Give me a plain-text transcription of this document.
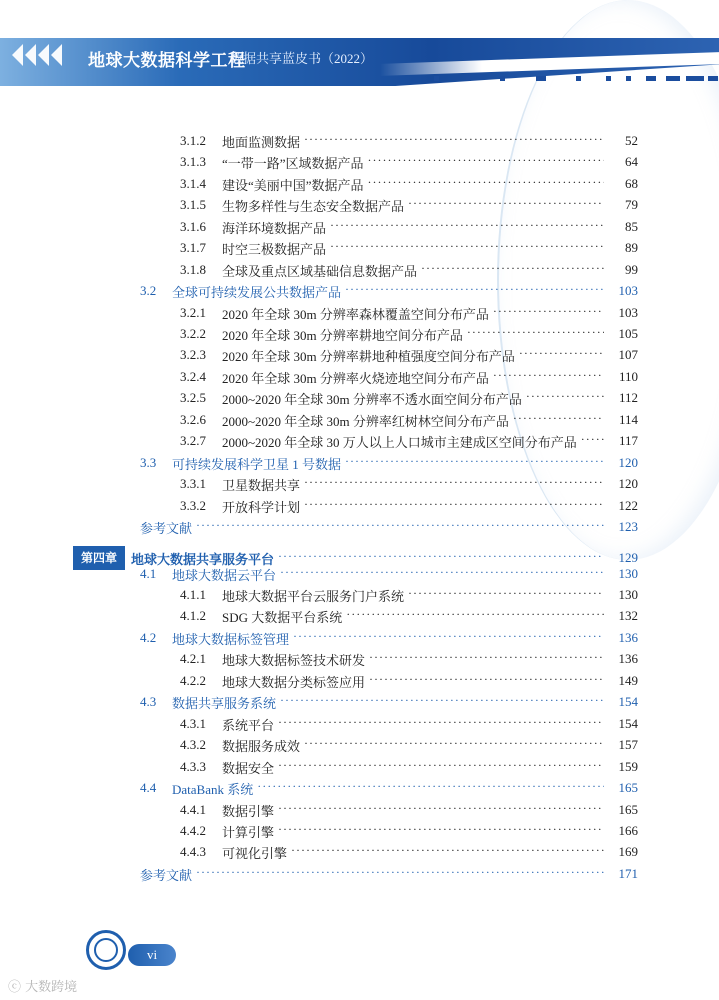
地球大数据科学工程
数据共享蓝皮书（2022）
3.1.2	地面监测数据 · · ·	52
3.1.3	“一带一路”区域数据产品 · · ·	64
3.1.4	建设“美丽中国”数据产品 · · ·	68
3.1.5	生物多样性与生态安全数据产品 · · ·	79
3.1.6	海洋环境数据产品 · · ·	85
3.1.7	时空三极数据产品 · · ·	89
3.1.8	全球及重点区域基础信息数据产品 · · ·	99
3.2	全球可持续发展公共数据产品 · · ·	103
3.2.1	2020 年全球 30m 分辨率森林覆盖空间分布产品 · · ·	103
3.2.2	2020 年全球 30m 分辨率耕地空间分布产品 · · ·	105
3.2.3	2020 年全球 30m 分辨率耕地种植强度空间分布产品 · · ·	107
3.2.4	2020 年全球 30m 分辨率火烧迹地空间分布产品 · · ·	110
3.2.5	2000~2020 年全球 30m 分辨率不透水面空间分布产品 · · ·	112
3.2.6	2000~2020 年全球 30m 分辨率红树林空间分布产品 · · ·	114
3.2.7	2000~2020 年全球 30 万人以上人口城市主建成区空间分布产品 · · ·	117
3.3	可持续发展科学卫星 1 号数据 · · ·	120
3.3.1	卫星数据共享 · · ·	120
3.3.2	开放科学计划 · · ·	122
参考文献 · · ·	123
4.1	地球大数据云平台 · · ·	130
4.1.1	地球大数据平台云服务门户系统 · · ·	130
4.1.2	SDG 大数据平台系统 · · ·	132
4.2	地球大数据标签管理 · · ·	136
4.2.1	地球大数据标签技术研发 · · ·	136
4.2.2	地球大数据分类标签应用 · · ·	149
4.3	数据共享服务系统 · · ·	154
4.3.1	系统平台 · · ·	154
4.3.2	数据服务成效 · · ·	157
4.3.3	数据安全 · · ·	159
4.4	DataBank 系统 · · ·	165
4.4.1	数据引擎 · · ·	165
4.4.2	计算引擎 · · ·	166
4.4.3	可视化引擎 · · ·	169
参考文献 · · ·	171
第四章	地球大数据共享服务平台 · · ·	129
vi
ⓒ 大数跨境
